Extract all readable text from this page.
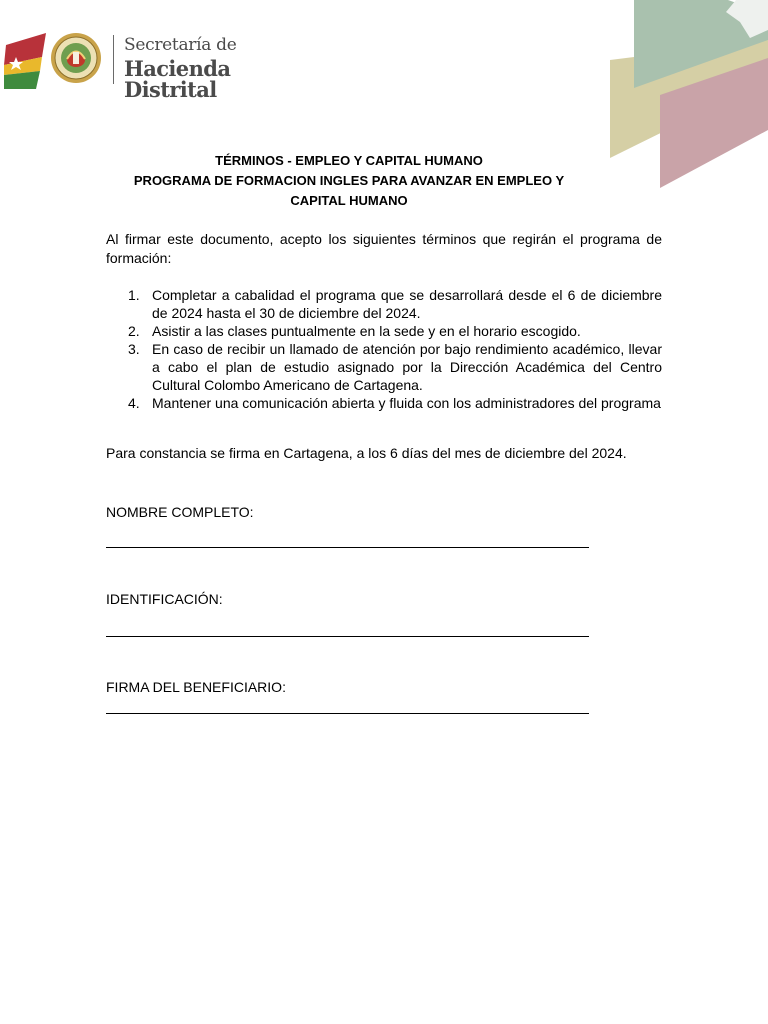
Secretaría de
Hacienda Distrital
TÉRMINOS - EMPLEO Y CAPITAL HUMANO
PROGRAMA DE FORMACION INGLES PARA AVANZAR EN EMPLEO Y
CAPITAL HUMANO
Al firmar este documento, acepto los siguientes términos que regirán el programa de formación:
1. Completar a cabalidad el programa que se desarrollará desde el 6 de diciembre de 2024 hasta el 30 de diciembre del 2024.
2. Asistir a las clases puntualmente en la sede y en el horario escogido.
3. En caso de recibir un llamado de atención por bajo rendimiento académico, llevar a cabo el plan de estudio asignado por la Dirección Académica del Centro Cultural Colombo Americano de Cartagena.
4. Mantener una comunicación abierta y fluida con los administradores del programa
Para constancia se firma en Cartagena, a los 6 días del mes de diciembre del 2024.
NOMBRE COMPLETO:
IDENTIFICACIÓN:
FIRMA DEL BENEFICIARIO:
